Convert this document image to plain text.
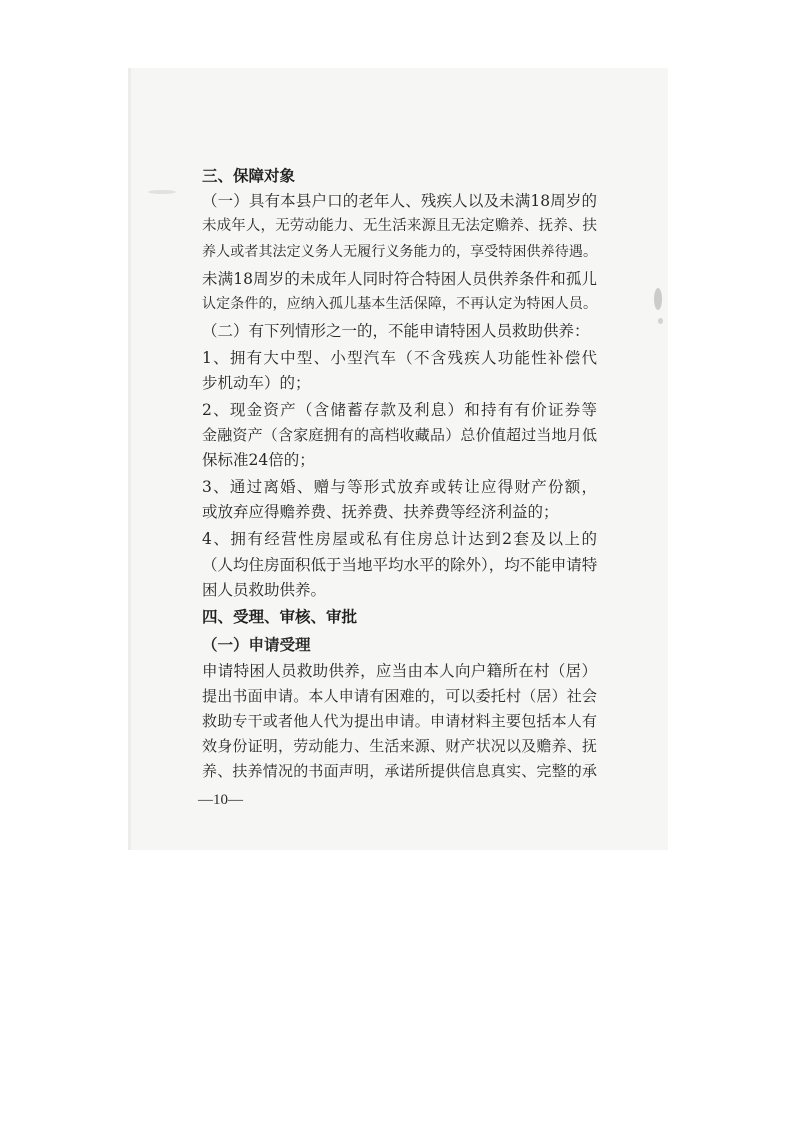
三、保障对象
（一）具有本县户口的老年人、残疾人以及未满18周岁的
未成年人，无劳动能力、无生活来源且无法定赡养、抚养、扶
养人或者其法定义务人无履行义务能力的，享受特困供养待遇。
未满18周岁的未成年人同时符合特困人员供养条件和孤儿
认定条件的，应纳入孤儿基本生活保障，不再认定为特困人员。
（二）有下列情形之一的，不能申请特困人员救助供养：
1、拥有大中型、小型汽车（不含残疾人功能性补偿代
步机动车）的；
2、现金资产（含储蓄存款及利息）和持有有价证券等
金融资产（含家庭拥有的高档收藏品）总价值超过当地月低
保标准24倍的；
3、通过离婚、赠与等形式放弃或转让应得财产份额，
或放弃应得赡养费、抚养费、扶养费等经济利益的；
4、拥有经营性房屋或私有住房总计达到2套及以上的
（人均住房面积低于当地平均水平的除外），均不能申请特
困人员救助供养。
四、受理、审核、审批
（一）申请受理
申请特困人员救助供养，应当由本人向户籍所在村（居）
提出书面申请。本人申请有困难的，可以委托村（居）社会
救助专干或者他人代为提出申请。申请材料主要包括本人有
效身份证明，劳动能力、生活来源、财产状况以及赡养、抚
养、扶养情况的书面声明，承诺所提供信息真实、完整的承
—10—
